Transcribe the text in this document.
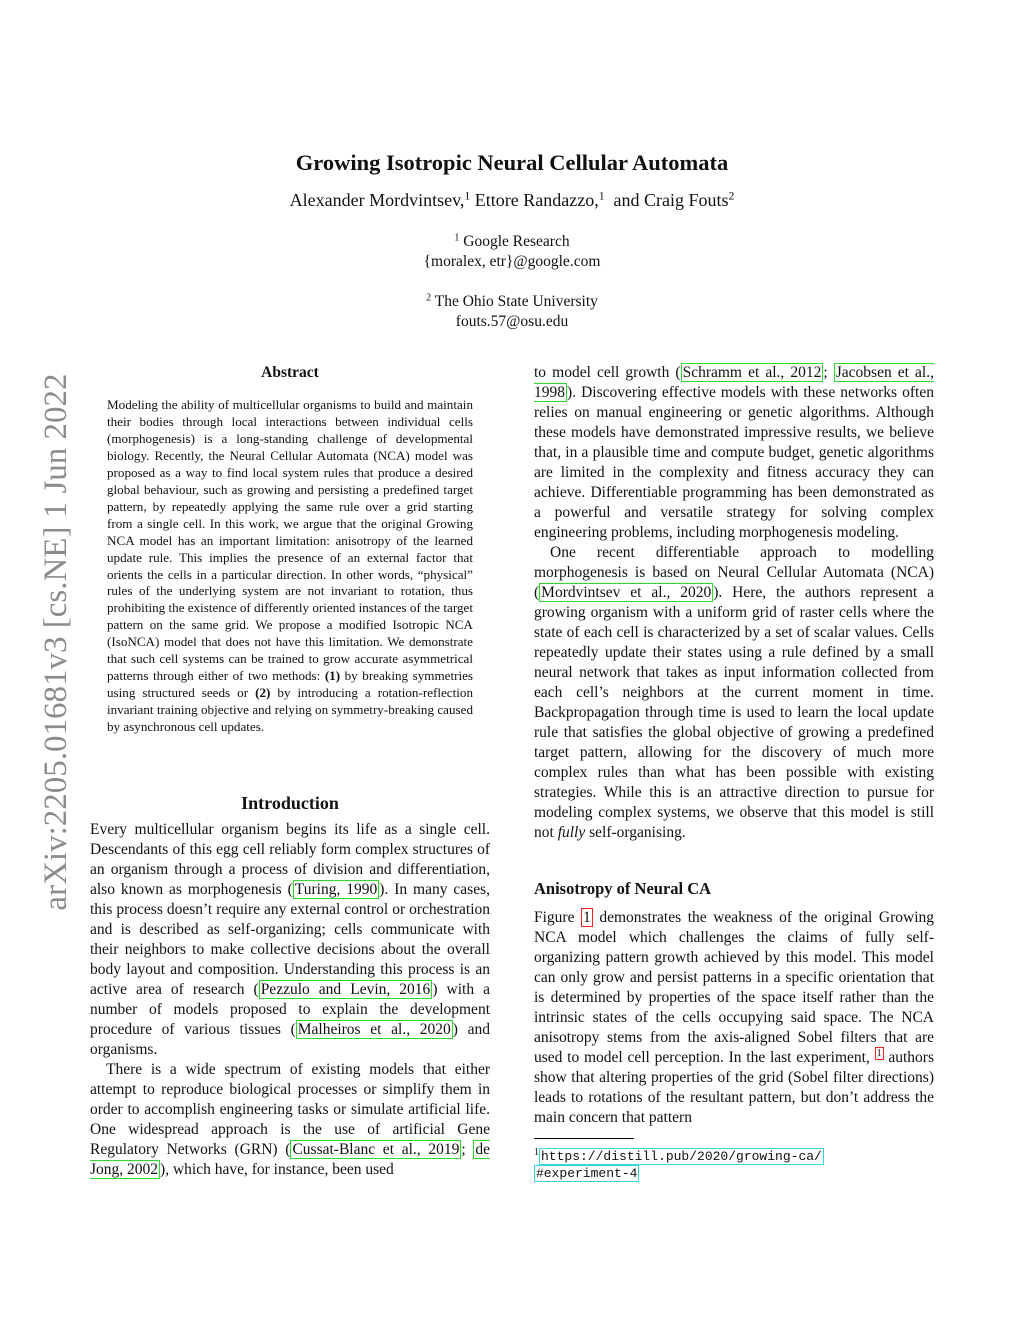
arXiv:2205.01681v3 [cs.NE] 1 Jun 2022
Growing Isotropic Neural Cellular Automata
Alexander Mordvintsev,$^1$ Ettore Randazzo,$^1$ and Craig Fouts$^2$
$^1$ Google Research
{moralex, etr}@google.com
$^2$ The Ohio State University
fouts.57@osu.edu
Abstract

Modeling the ability of multicellular organisms to build and maintain their bodies through local interactions between individual cells (morphogenesis) is a long-standing challenge of developmental biology. Recently, the Neural Cellular Automata (NCA) model was proposed as a way to find local system rules that produce a desired global behaviour, such as growing and persisting a predefined target pattern, by repeatedly applying the same rule over a grid starting from a single cell. In this work, we argue that the original Growing NCA model has an important limitation: anisotropy of the learned update rule. This implies the presence of an external factor that orients the cells in a particular direction. In other words, “physical” rules of the underlying system are not invariant to rotation, thus prohibiting the existence of differently oriented instances of the target pattern on the same grid. We propose a modified Isotropic NCA (IsoNCA) model that does not have this limitation. We demonstrate that such cell systems can be trained to grow accurate asymmetrical patterns through either of two methods: (1) by breaking symmetries using structured seeds or (2) by introducing a rotation-reflection invariant training objective and relying on symmetry-breaking caused by asynchronous cell updates.

Introduction

Every multicellular organism begins its life as a single cell. Descendants of this egg cell reliably form complex structures of an organism through a process of division and differentiation, also known as morphogenesis ( Turing, 1990 ). In many cases, this process doesn’t require any external control or orchestration and is described as self-organizing; cells communicate with their neighbors to make collective decisions about the overall body layout and composition. Understanding this process is an active area of research ( Pezzulo and Levin, 2016 ) with a number of models proposed to explain the development procedure of various tissues ( Malheiros et al., 2020 ) and organisms.

There is a wide spectrum of existing models that either attempt to reproduce biological processes or simplify them in order to accomplish engineering tasks or simulate artificial life. One widespread approach is the use of artificial Gene Regulatory Networks (GRN) ( Cussat-Blanc et al., 2019 ; de Jong, 2002 ), which have, for instance, been used

to model cell growth ( Schramm et al., 2012 ; Jacobsen et al., 1998 ). Discovering effective models with these networks often relies on manual engineering or genetic algorithms. Although these models have demonstrated impressive results, we believe that, in a plausible time and compute budget, genetic algorithms are limited in the complexity and fitness accuracy they can achieve. Differentiable programming has been demonstrated as a powerful and versatile strategy for solving complex engineering problems, including morphogenesis modeling.

One recent differentiable approach to modelling morphogenesis is based on Neural Cellular Automata (NCA) ( Mordvintsev et al., 2020 ). Here, the authors represent a growing organism with a uniform grid of raster cells where the state of each cell is characterized by a set of scalar values. Cells repeatedly update their states using a rule defined by a small neural network that takes as input information collected from each cell’s neighbors at the current moment in time. Backpropagation through time is used to learn the local update rule that satisfies the global objective of growing a predefined target pattern, allowing for the discovery of much more complex rules than what has been possible with existing strategies. While this is an attractive direction to pursue for modeling complex systems, we observe that this model is still not fully self-organising.

Anisotropy of Neural CA

Figure 1 demonstrates the weakness of the original Growing NCA model which challenges the claims of fully self-organizing pattern growth achieved by this model. This model can only grow and persist patterns in a specific orientation that is determined by properties of the space itself rather than the intrinsic states of the cells occupying said space. The NCA anisotropy stems from the axis-aligned Sobel filters that are used to model cell perception. In the last experiment, $^1$ authors show that altering properties of the grid (Sobel filter directions) leads to rotations of the resultant pattern, but don’t address the main concern that pattern

$^1$ https://distill.pub/2020/growing-ca/
#experiment-4
